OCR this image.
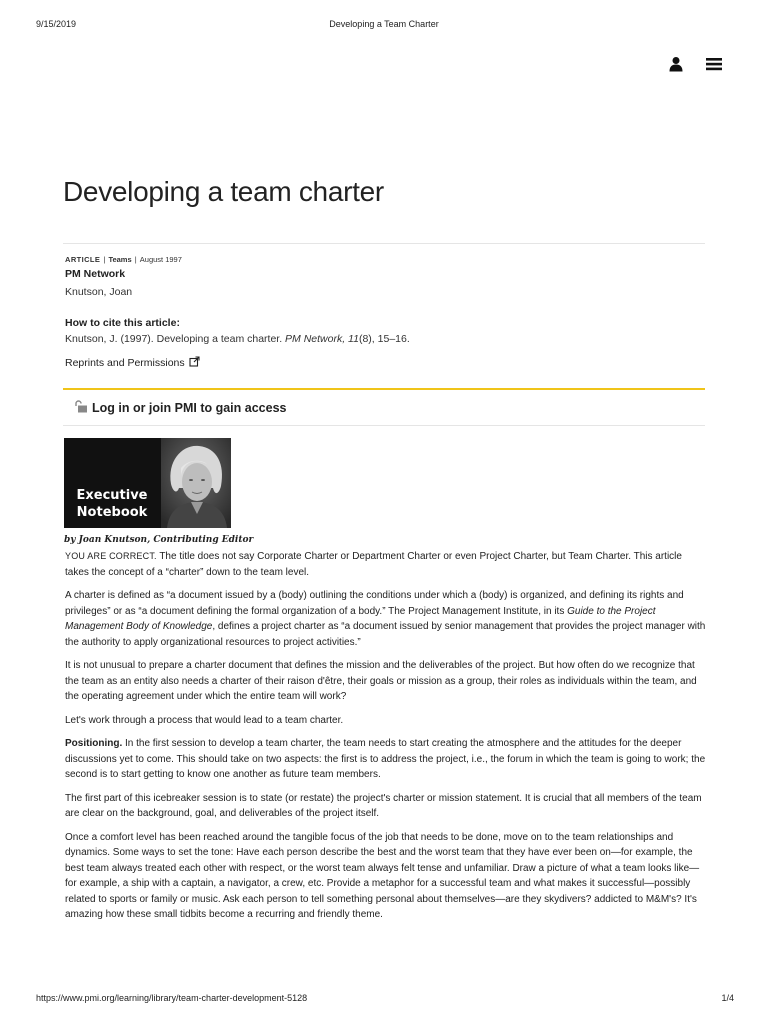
9/15/2019	Developing a Team Charter
Developing a team charter
ARTICLE | Teams | August 1997
PM Network
Knutson, Joan
How to cite this article:
Knutson, J. (1997). Developing a team charter. PM Network, 11(8), 15–16.
Reprints and Permissions
Log in or join PMI to gain access
Executive
Notebook
by Joan Knutson, Contributing Editor

YOU ARE CORRECT. The title does not say Corporate Charter or Department Charter or even Project Charter, but Team Charter. This article takes the concept of a “charter” down to the team level.

A charter is defined as “a document issued by a (body) outlining the conditions under which a (body) is organized, and defining its rights and privileges” or as “a document defining the formal organization of a body.” The Project Management Institute, in its Guide to the Project Management Body of Knowledge, defines a project charter as “a document issued by senior management that provides the project manager with the authority to apply organizational resources to project activities.”

It is not unusual to prepare a charter document that defines the mission and the deliverables of the project. But how often do we recognize that the team as an entity also needs a charter of their raison d'être, their goals or mission as a group, their roles as individuals within the team, and the operating agreement under which the entire team will work?

Let's work through a process that would lead to a team charter.

Positioning. In the first session to develop a team charter, the team needs to start creating the atmosphere and the attitudes for the deeper discussions yet to come. This should take on two aspects: the first is to address the project, i.e., the forum in which the team is going to work; the second is to start getting to know one another as future team members.

The first part of this icebreaker session is to state (or restate) the project's charter or mission statement. It is crucial that all members of the team are clear on the background, goal, and deliverables of the project itself.

Once a comfort level has been reached around the tangible focus of the job that needs to be done, move on to the team relationships and dynamics. Some ways to set the tone: Have each person describe the best and the worst team that they have ever been on—for example, the best team always treated each other with respect, or the worst team always felt tense and unfamiliar. Draw a picture of what a team looks like—for example, a ship with a captain, a navigator, a crew, etc. Provide a metaphor for a successful team and what makes it successful—possibly related to sports or family or music. Ask each person to tell something personal about themselves—are they skydivers? addicted to M&M's? It's amazing how these small tidbits become a recurring and friendly theme.

https://www.pmi.org/learning/library/team-charter-development-5128	1/4
